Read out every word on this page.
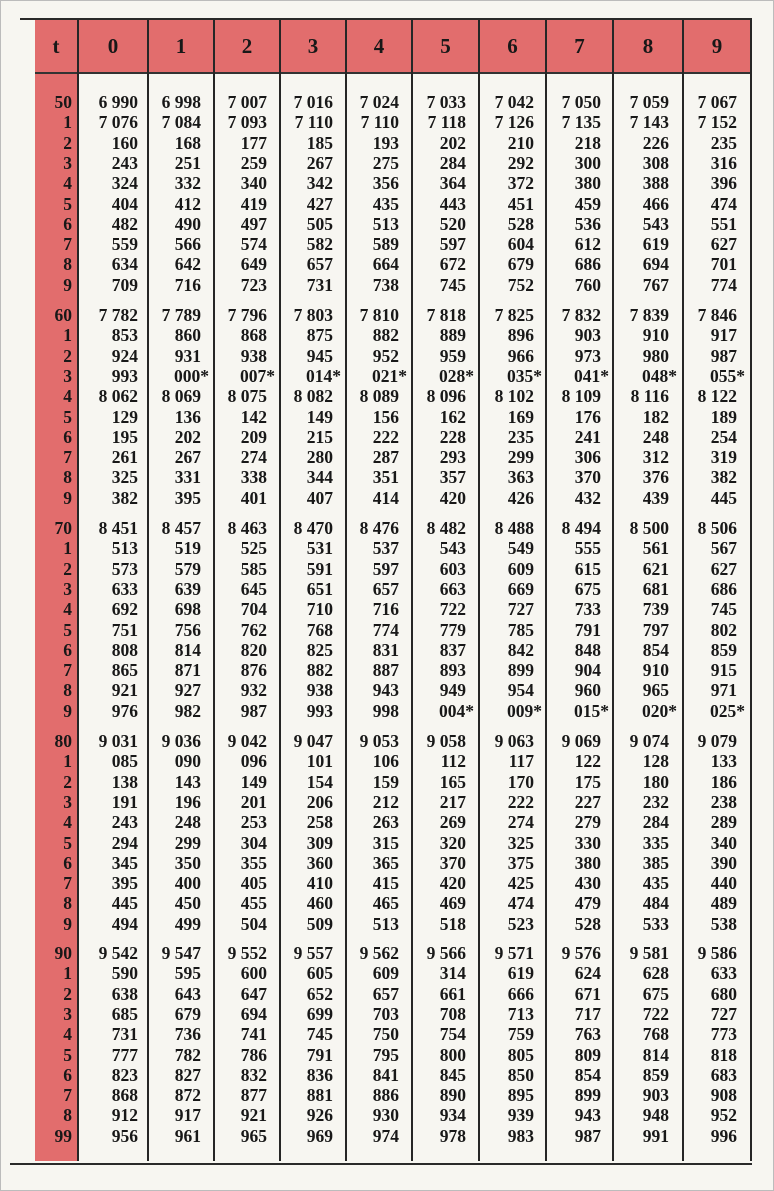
t	0	1	2	3	4	5	6	7	8	9
50	6 990	6 998	7 007	7 016	7 024	7 033	7 042	7 050	7 059	7 067
1	7 076	7 084	7 093	7 110	7 110	7 118	7 126	7 135	7 143	7 152
2	160	168	177	185	193	202	210	218	226	235
3	243	251	259	267	275	284	292	300	308	316
4	324	332	340	342	356	364	372	380	388	396
5	404	412	419	427	435	443	451	459	466	474
6	482	490	497	505	513	520	528	536	543	551
7	559	566	574	582	589	597	604	612	619	627
8	634	642	649	657	664	672	679	686	694	701
9	709	716	723	731	738	745	752	760	767	774
60	7 782	7 789	7 796	7 803	7 810	7 818	7 825	7 832	7 839	7 846
1	853	860	868	875	882	889	896	903	910	917
2	924	931	938	945	952	959	966	973	980	987
3	993	000*	007*	014*	021*	028*	035*	041*	048*	055*
4	8 062	8 069	8 075	8 082	8 089	8 096	8 102	8 109	8 116	8 122
5	129	136	142	149	156	162	169	176	182	189
6	195	202	209	215	222	228	235	241	248	254
7	261	267	274	280	287	293	299	306	312	319
8	325	331	338	344	351	357	363	370	376	382
9	382	395	401	407	414	420	426	432	439	445
70	8 451	8 457	8 463	8 470	8 476	8 482	8 488	8 494	8 500	8 506
1	513	519	525	531	537	543	549	555	561	567
2	573	579	585	591	597	603	609	615	621	627
3	633	639	645	651	657	663	669	675	681	686
4	692	698	704	710	716	722	727	733	739	745
5	751	756	762	768	774	779	785	791	797	802
6	808	814	820	825	831	837	842	848	854	859
7	865	871	876	882	887	893	899	904	910	915
8	921	927	932	938	943	949	954	960	965	971
9	976	982	987	993	998	004*	009*	015*	020*	025*
80	9 031	9 036	9 042	9 047	9 053	9 058	9 063	9 069	9 074	9 079
1	085	090	096	101	106	112	117	122	128	133
2	138	143	149	154	159	165	170	175	180	186
3	191	196	201	206	212	217	222	227	232	238
4	243	248	253	258	263	269	274	279	284	289
5	294	299	304	309	315	320	325	330	335	340
6	345	350	355	360	365	370	375	380	385	390
7	395	400	405	410	415	420	425	430	435	440
8	445	450	455	460	465	469	474	479	484	489
9	494	499	504	509	513	518	523	528	533	538
90	9 542	9 547	9 552	9 557	9 562	9 566	9 571	9 576	9 581	9 586
1	590	595	600	605	609	314	619	624	628	633
2	638	643	647	652	657	661	666	671	675	680
3	685	679	694	699	703	708	713	717	722	727
4	731	736	741	745	750	754	759	763	768	773
5	777	782	786	791	795	800	805	809	814	818
6	823	827	832	836	841	845	850	854	859	683
7	868	872	877	881	886	890	895	899	903	908
8	912	917	921	926	930	934	939	943	948	952
99	956	961	965	969	974	978	983	987	991	996
